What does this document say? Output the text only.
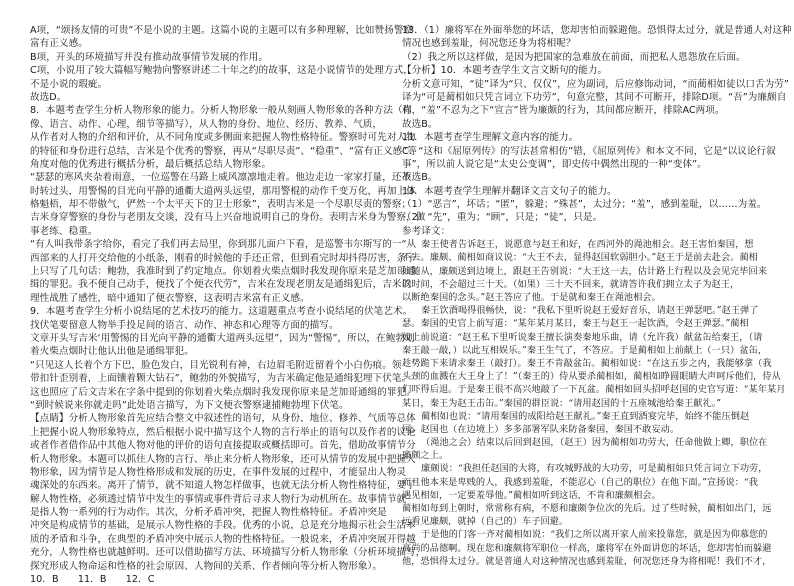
A项，“颂扬友情的可贵”不是小说的主题。这篇小说的主题可以有多种理解，比如赞扬警察
富有正义感。
B项，开头的环境描写并没有推动故事情节发展的作用。
C项，小说用了较大篇幅写鲍勃向警察讲述二十年之约的故事，这是小说情节的处理方式，
不是小说的瑕疵。
故选D。
8．本题考查学生分析人物形象的能力。分析人物形象一般从刻画人物形象的各种方法（肖
像、语言、动作、心理，细节等描写），从人物的身份、地位、经历、教养、气质，
从作者对人物的介绍和评价，从不同角度或多侧面来把握人物性格特征。警察时可先对人物
的特征和身份进行总结，吉米是个优秀的警察，再从“尽职尽责”、“稳重”、“富有正义感”等
角度对他的优秀进行概括分析，最后概括总结人物形象。
“瑟瑟的寒风夹杂着雨意，一位巡警在马路上威风凛凛地走着。他边走边一家家打量，还不
时转过头，用警惕的目光向平静的通衢大道两头远望，那用警棍的动作千变万化，再加上体
格魁梧，却不带傲气，俨然一个太平天下的卫士形象”，表明吉米是一个尽职尽责的警察；
吉米身穿警察的身份与老朋友交谈，没有马上兴奋地说明自己的身份。表明吉米身为警察，做
事老练、稳重。
“有人叫我带条字给你，看完了我们再去局里，你到那儿面户下看，是巡警韦尔斯写的一“从
西部来的人打开交给他的小纸条，刚看的时候他的手还正常，但到看完时却抖得厉害，条子
上只写了几句话：鲍勃，我准时到了约定地点。你划着火柴点烟时我发现你原来是芝加哥通
缉的罪犯。我不便自己动手，便找了个便衣代劳”，吉米在发现老朋友是通缉犯后，吉米以
理性战胜了感性，暗中通知了便衣警察，这表明吉米富有正义感。
9．本题考查学生分析小说结尾的艺术技巧的能力。这道题重点考查小说结尾的伏笔艺术。
找伏笔要留意人物举手投足间的语言、动作、神态和心理等方面的描写。
文章开头写吉米‘用警惕的目光向平静的通衢大道两头远望”，因为“警惕”，所以，在鲍勃划
着火柴点烟时让他认出他是通缉罪犯。
“只见这人长着个方下巴，脸色发白，目光锐利有神，右边眉毛附近留着个小白伤痕。领
带扣针歪别着，上面镶着颗大钻石”，鲍勃的外貌描写，为吉米确定他是通缉犯埋下伏笔。
这也照应了后文吉米在字条中提到的你划着火柴点烟时我发现你原来是芝加哥通缉的罪犯。
“到时候说来你就走吗”此处语言描写，为下文便衣警察逮捕鲍勃埋下伏笔。
【点睛】分析人物形象首先应结合整文中叙述性的语句，从身份、地位、修养、气质等总体
上把握小说人物形象特点，然后根据小说中描写这个人物的言行举止的语句以及作者的议论
或者作者借作品中其他人物对他的评价的语句直接提取或概括即可。首先，借助故事情节分
析人物形象。本题可以抓住人物的言行、举止来分析人物形象，还可从情节的发展中把握人
物形象，因为情节是人物性格形成和发展的历史，在事件发展的过程中，才能显出人物灵
魂深处的东西来。离开了情节，就不知道人物怎样做事，也就无法分析人物性格特征，要了
解人物性格，必须透过情节中发生的事情或事件背后寻求人物行为动机所在。故事情节就
是指人物一系列的行为动作。其次，分析矛盾冲突，把握人物性格特征。矛盾冲突是
冲突是构成情节的基础，是展示人物性格的手段。优秀的小说，总是充分地揭示社会生活本
质的矛盾和斗争，在典型的矛盾冲突中展示人物的性格特征。一般说来，矛盾冲突展开得越
充分，人物性格也就越鲜明。还可以借助描写方法、环境描写分析人物形象（分析环境描写，
探究形成人物命运和性格的社会原因、人物间的关系、作者倾向等分析人物形象）。
10．B　　11．B　　12．C
13．（1）廉将军在外面举您的坏话，您却害怕而躲避他。恐惧得太过分，就是普通人对这种
情况也感到羞耻，何况您还身为将相呢？
（2）我之所以这样做，是因为把国家的急难放在前面，而把私人恩怨放在后面。
【分析】10．本题考查学生文言文断句的能力。
分析文意可知，“徒”译为“只、仅仅”，应为副词，后应修饰动词，“而蔺相如徒以口舌为劳”
译为“可是蔺相如只凭言词立下功劳”，句意完整，其间不可断开，排除D项。“吾”为廉颇自
称，“羞”不忍为之下“宣言”皆为廉颇的行为，其间都应断开，排除AC两项。
故选B。
11．本题考查学生理解文意内容的能力。
C．“这和《屈原列传》的写法甚常相仿”错，《屈原列传》和本文不同，它是“以议论行叙
事”，所以前人说它是“太史公变调”，即史传中偶然出现的一种“变体”。
故选B。
13．本题考查学生理解并翻译文言文句子的能力。
（1）“恶言”，坏话；“匿”，躲避；“殊甚”，太过分；“羞”，感到羞耻，以……为羞。
（2）“先”，重为；“顾”，只是；“徒”，只是。
参考译文：
秦王使者告诉赵王，说愿意与赵王和好，在西河外的渑池相会。赵王害怕秦国，想
不去。廉颇、蔺相如商议说：“大王不去，显得赵国软弱胆小。”赵王于是前去赴会。蔺相
如随从，廉颇送到边境上，跟赵王告别说：“大王这一去，估计路上行程以及会见完毕回来
的时间，不会超过三十天。（如果）三十天不回来，就请答许我们拥立太子为赵王，
以断绝秦国的念头。”赵王答应了他。于是就和秦王在渑池相会。
秦王饮酒喝得很畅快，说：“我私下里听说赵王爱好音乐，请赵王弹瑟吧。”赵王弹了
瑟。秦国的史官上前写道：“某年某月某日，秦王与赵王一起饮酒，令赵王弹瑟。”蔺相
如上前说道：“赵王私下里听说秦王擅长演奏秦地乐曲，请（允许我）献盆缶给秦王，（请
秦王敲一敲，）以此互相娱乐。”秦王生气了，不答应。于是蔺相如上前献上（一只）盆缶，
趁势跪下来请求秦王（敲打）。秦王不肯敲盆缶。蔺相如说：“在这五步之内，我能够拿（我
头颈的血溅在大王身上了！”（秦王的）侍从要杀蔺相如，蔺相如睁圆眼睛大声呵斥他们，侍从
们吓得后退。于是秦王很不高兴地敲了一下瓦盆。蔺相如回头招呼赵国的史官写道：“某年某月
某日，秦王为赵王击缶。”秦国的群臣说：“请用赵国的十五座城池给秦王献礼。”
蔺相如也说：“请用秦国的成阳给赵王献礼。”秦王直到酒宴完毕，始终不能压倒赵
国。赵国也（在边境上）多多部署军队来防备秦国，秦国不敢妄动。
（渑池之会）结束以后回到赵国，（赵王）因为蔺相如功劳大，任命他做上卿，职位在
廉颇之上。
廉颇说：“我担任赵国的大将，有攻城野战的大功劳，可是蔺相如只凭言词立下功劳，
而且他本来是卑贱的人，我感到羞耻，不能忍心（自己的职位）在他下面。”宣扬说：“我
遇见相如，一定要羞辱他。”蔺相如听到这话，不肯和廉颇相会。
蔺相如每到上朝时，常常称有病，不愿和廉颇争位次的先后。过了些时候，蔺相如出门，远
远看见廉颇，就掉（自己的）车子回避。
于是他的门客一齐对蔺相如说：“我们之所以离开家人前来投靠您，就是因为仰慕您的
高尚的品德啊。现在您和廉颇将军职位一样高，廉将军在外面讲您的坏话，您却害怕而躲避
他，恐惧得太过分。就是普通人对这种情况也感到羞耻，何况您还身为将相呢！我们不才，
